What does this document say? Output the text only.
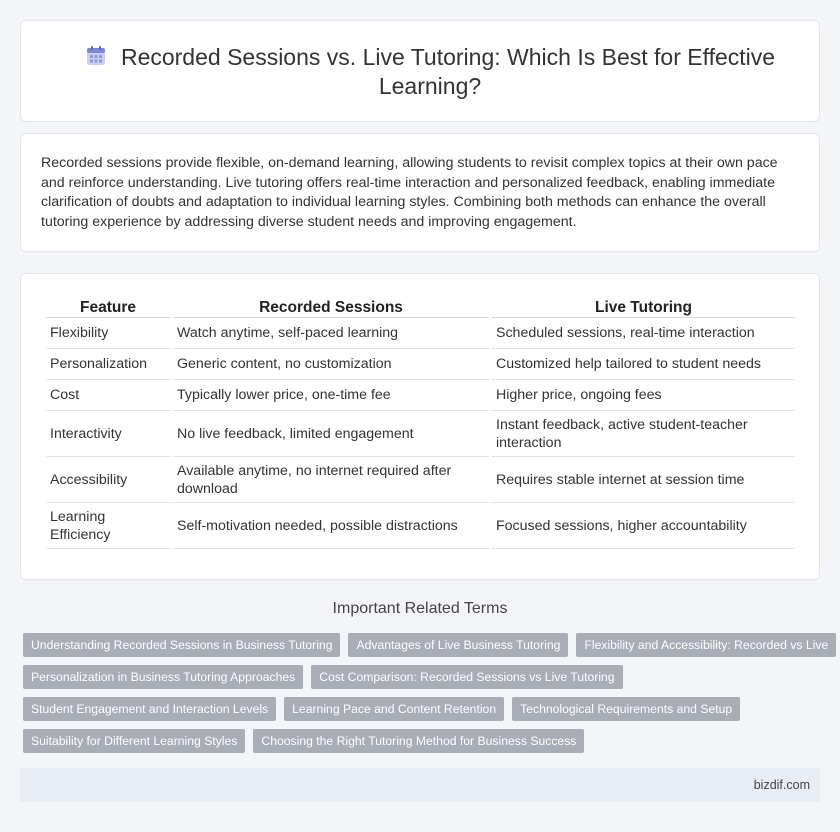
Recorded Sessions vs. Live Tutoring: Which Is Best for Effective Learning?

Recorded sessions provide flexible, on-demand learning, allowing students to revisit complex topics at their own pace and reinforce understanding. Live tutoring offers real-time interaction and personalized feedback, enabling immediate clarification of doubts and adaptation to individual learning styles. Combining both methods can enhance the overall tutoring experience by addressing diverse student needs and improving engagement.

Feature	Recorded Sessions	Live Tutoring
Flexibility	Watch anytime, self-paced learning	Scheduled sessions, real-time interaction
Personalization	Generic content, no customization	Customized help tailored to student needs
Cost	Typically lower price, one-time fee	Higher price, ongoing fees
Interactivity	No live feedback, limited engagement	Instant feedback, active student-teacher interaction
Accessibility	Available anytime, no internet required after download	Requires stable internet at session time
Learning Efficiency	Self-motivation needed, possible distractions	Focused sessions, higher accountability
Important Related Terms
Understanding Recorded Sessions in Business Tutoring	Advantages of Live Business Tutoring	Flexibility and Accessibility: Recorded vs Live
Personalization in Business Tutoring Approaches	Cost Comparison: Recorded Sessions vs Live Tutoring
Student Engagement and Interaction Levels	Learning Pace and Content Retention	Technological Requirements and Setup
Suitability for Different Learning Styles	Choosing the Right Tutoring Method for Business Success
bizdif.com
